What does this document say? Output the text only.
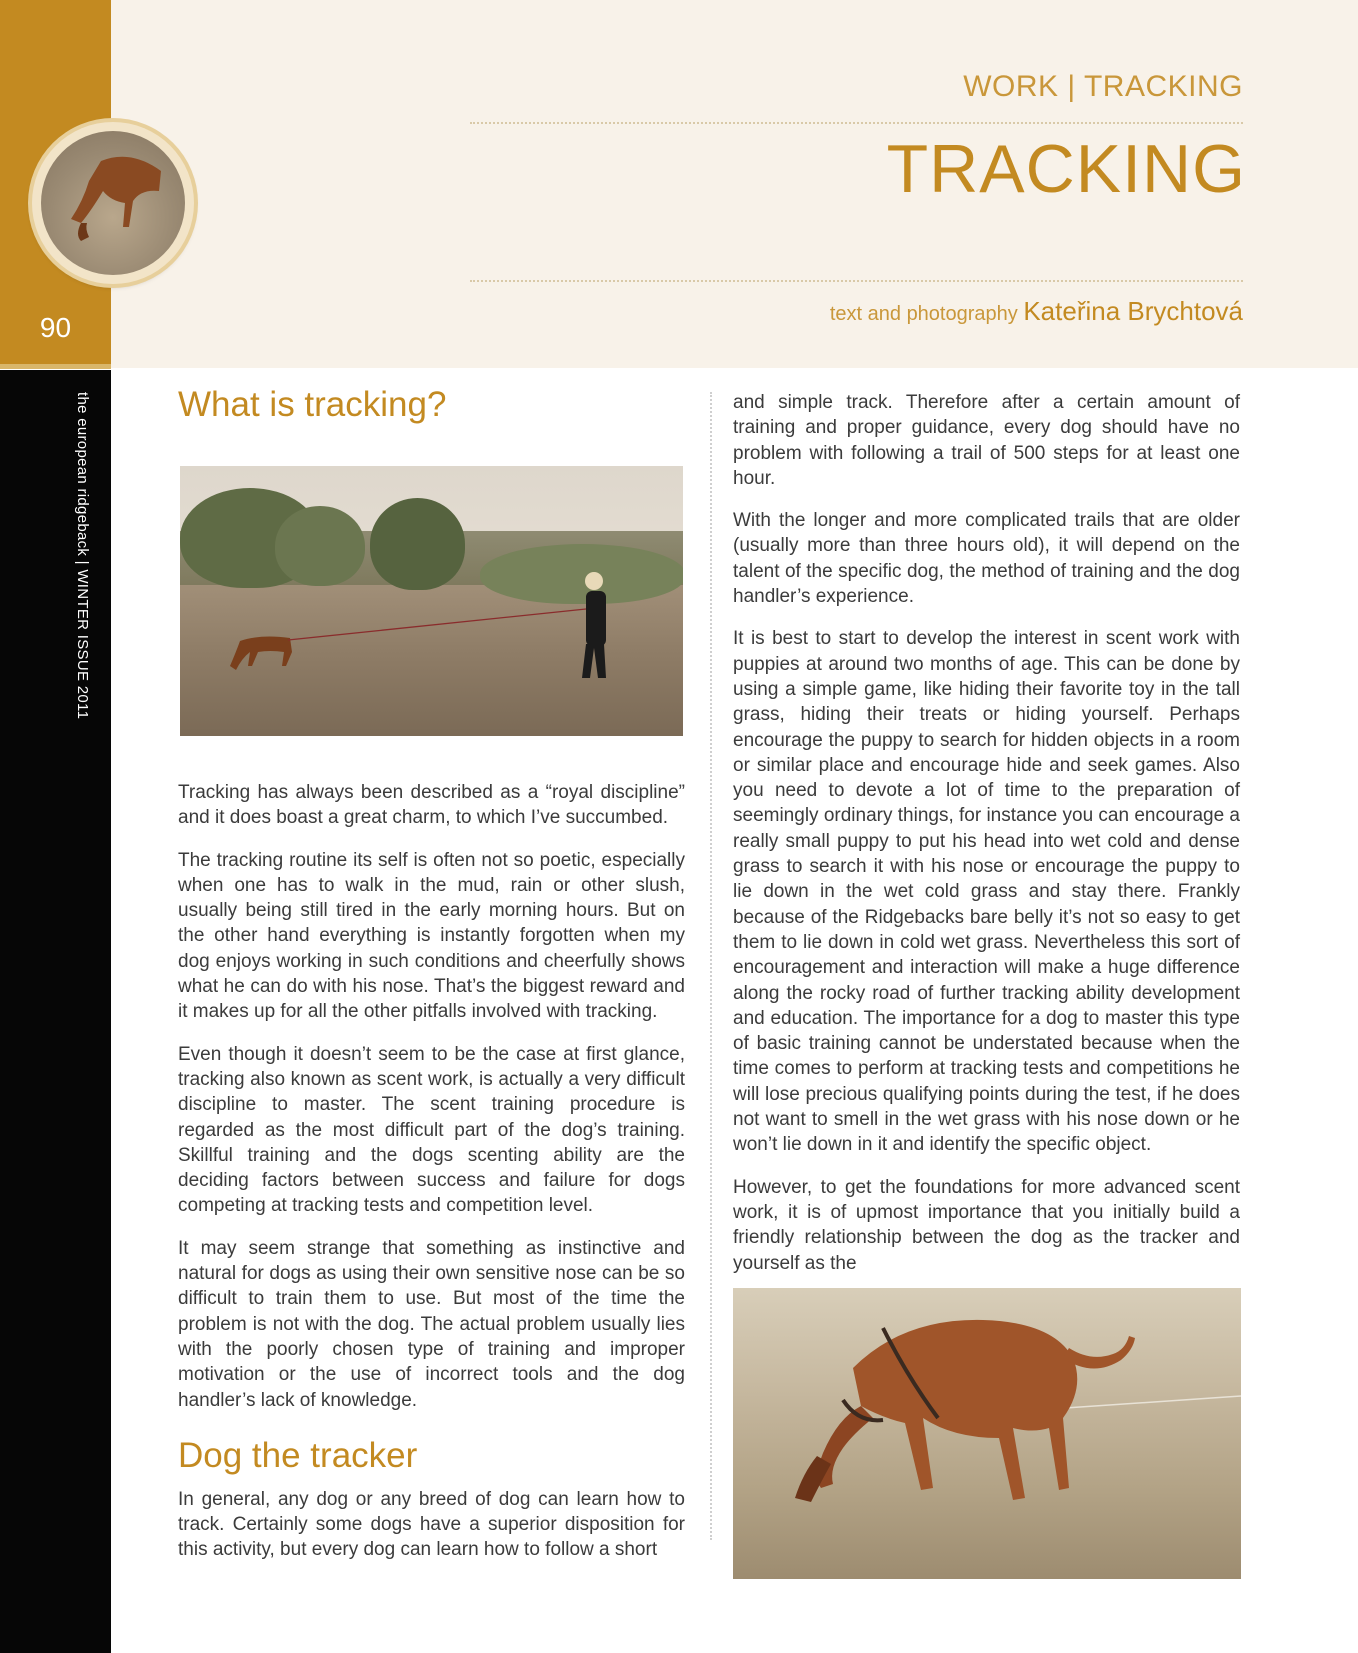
90
the european ridgeback | WINTER ISSUE 2011
WORK | TRACKING
TRACKING
text and photography Kateřina Brychtová
What is tracking?

Tracking has always been described as a “royal discipline” and it does boast a great charm, to which I’ve succumbed.

The tracking routine its self is often not so poetic, especially when one has to walk in the mud, rain or other slush, usually being still tired in the early morning hours. But on the other hand everything is instantly forgotten when my dog enjoys working in such conditions and cheerfully shows what he can do with his nose. That’s the biggest reward and it makes up for all the other pitfalls involved with tracking.

Even though it doesn’t seem to be the case at first glance, tracking also known as scent work, is actually a very difficult discipline to master. The scent training procedure is regarded as the most difficult part of the dog’s training. Skillful training and the dogs scenting ability are the deciding factors between success and failure for dogs competing at tracking tests and competition level.

It may seem strange that something as instinctive and natural for dogs as using their own sensitive nose can be so difficult to train them to use. But most of the time the problem is not with the dog. The actual problem usually lies with the poorly chosen type of training and improper motivation or the use of incorrect tools and the dog handler’s lack of knowledge.

Dog the tracker

In general, any dog or any breed of dog can learn how to track. Certainly some dogs have a superior disposition for this activity, but every dog can learn how to follow a short

and simple track. Therefore after a certain amount of training and proper guidance, every dog should have no problem with following a trail of 500 steps for at least one hour.

With the longer and more complicated trails that are older (usually more than three hours old), it will depend on the talent of the specific dog, the method of training and the dog handler’s experience.

It is best to start to develop the interest in scent work with puppies at around two months of age. This can be done by using a simple game, like hiding their favorite toy in the tall grass, hiding their treats or hiding yourself. Perhaps encourage the puppy to search for hidden objects in a room or similar place and encourage hide and seek games. Also you need to devote a lot of time to the preparation of seemingly ordinary things, for instance you can encourage a really small puppy to put his head into wet cold and dense grass to search it with his nose or encourage the puppy to lie down in the wet cold grass and stay there. Frankly because of the Ridgebacks bare belly it’s not so easy to get them to lie down in cold wet grass. Nevertheless this sort of encouragement and interaction will make a huge difference along the rocky road of further tracking ability development and education. The importance for a dog to master this type of basic training cannot be understated because when the time comes to perform at tracking tests and competitions he will lose precious qualifying points during the test, if he does not want to smell in the wet grass with his nose down or he won’t lie down in it and identify the specific object.

However, to get the foundations for more advanced scent work, it is of upmost importance that you initially build a friendly relationship between the dog as the tracker and yourself as the
